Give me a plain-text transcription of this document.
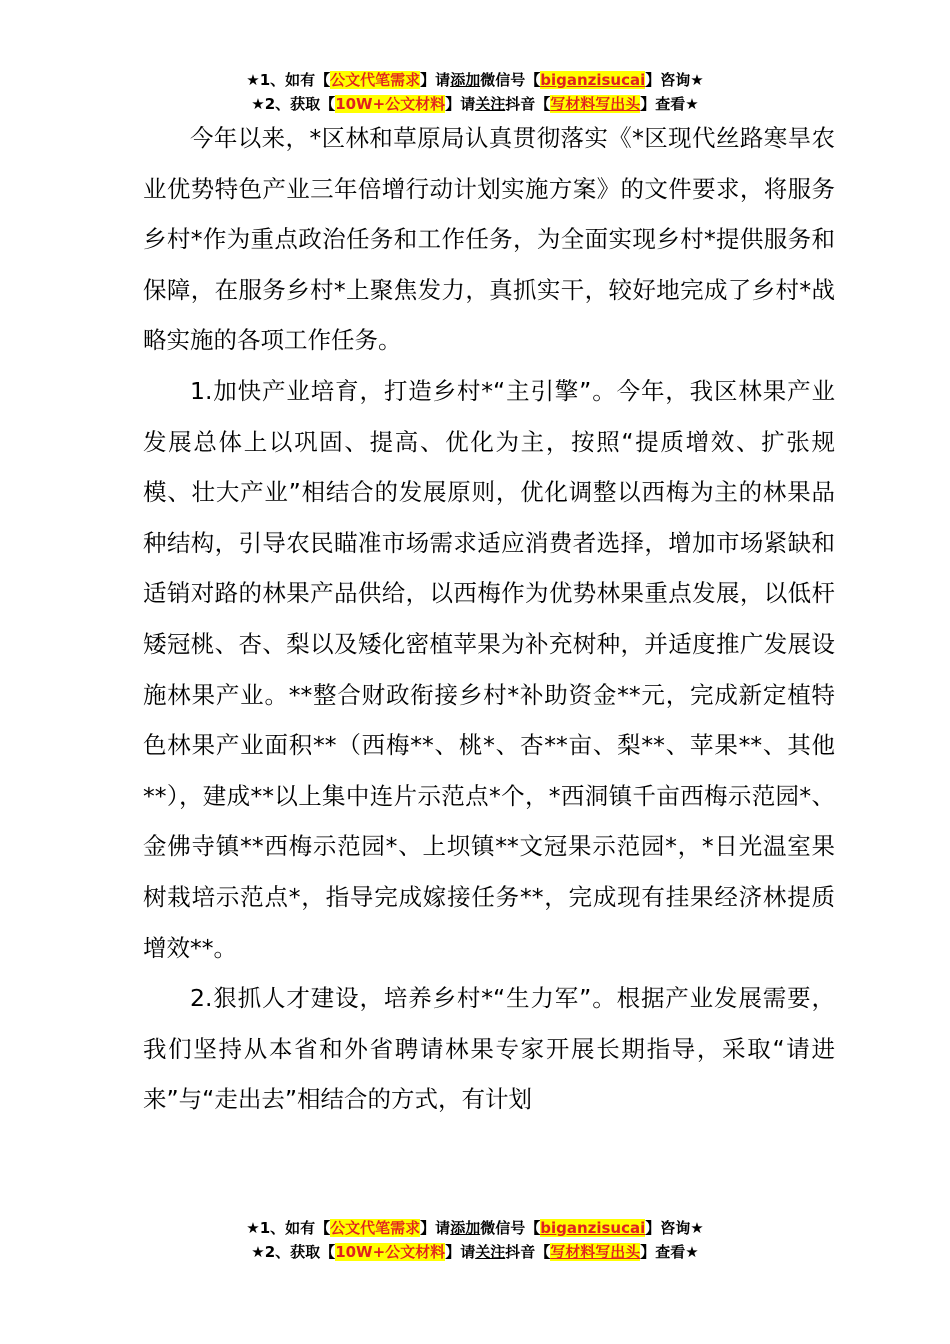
★1、如有【公文代笔需求】请添加微信号【biganzisucai】咨询★
★2、获取【10W+公文材料】请关注抖音【写材料写出头】查看★

今年以来，*区林和草原局认真贯彻落实《*区现代丝路寒旱农业优势特色产业三年倍增行动计划实施方案》的文件要求，将服务乡村*作为重点政治任务和工作任务，为全面实现乡村*提供服务和保障，在服务乡村*上聚焦发力，真抓实干，较好地完成了乡村*战略实施的各项工作任务。

1.加快产业培育，打造乡村*“主引擎”。今年，我区林果产业发展总体上以巩固、提高、优化为主，按照“提质增效、扩张规模、壮大产业”相结合的发展原则，优化调整以西梅为主的林果品种结构，引导农民瞄准市场需求适应消费者选择，增加市场紧缺和适销对路的林果产品供给，以西梅作为优势林果重点发展，以低杆矮冠桃、杏、梨以及矮化密植苹果为补充树种，并适度推广发展设施林果产业。**整合财政衔接乡村*补助资金**元，完成新定植特色林果产业面积**（西梅**、桃*、杏**亩、梨**、苹果**、其他**），建成**以上集中连片示范点*个，*西洞镇千亩西梅示范园*、金佛寺镇**西梅示范园*、上坝镇**文冠果示范园*，*日光温室果树栽培示范点*，指导完成嫁接任务**，完成现有挂果经济林提质增效**。

2.狠抓人才建设，培养乡村*“生力军”。根据产业发展需要，我们坚持从本省和外省聘请林果专家开展长期指导，采取“请进来”与“走出去”相结合的方式，有计划

★1、如有【公文代笔需求】请添加微信号【biganzisucai】咨询★
★2、获取【10W+公文材料】请关注抖音【写材料写出头】查看★
